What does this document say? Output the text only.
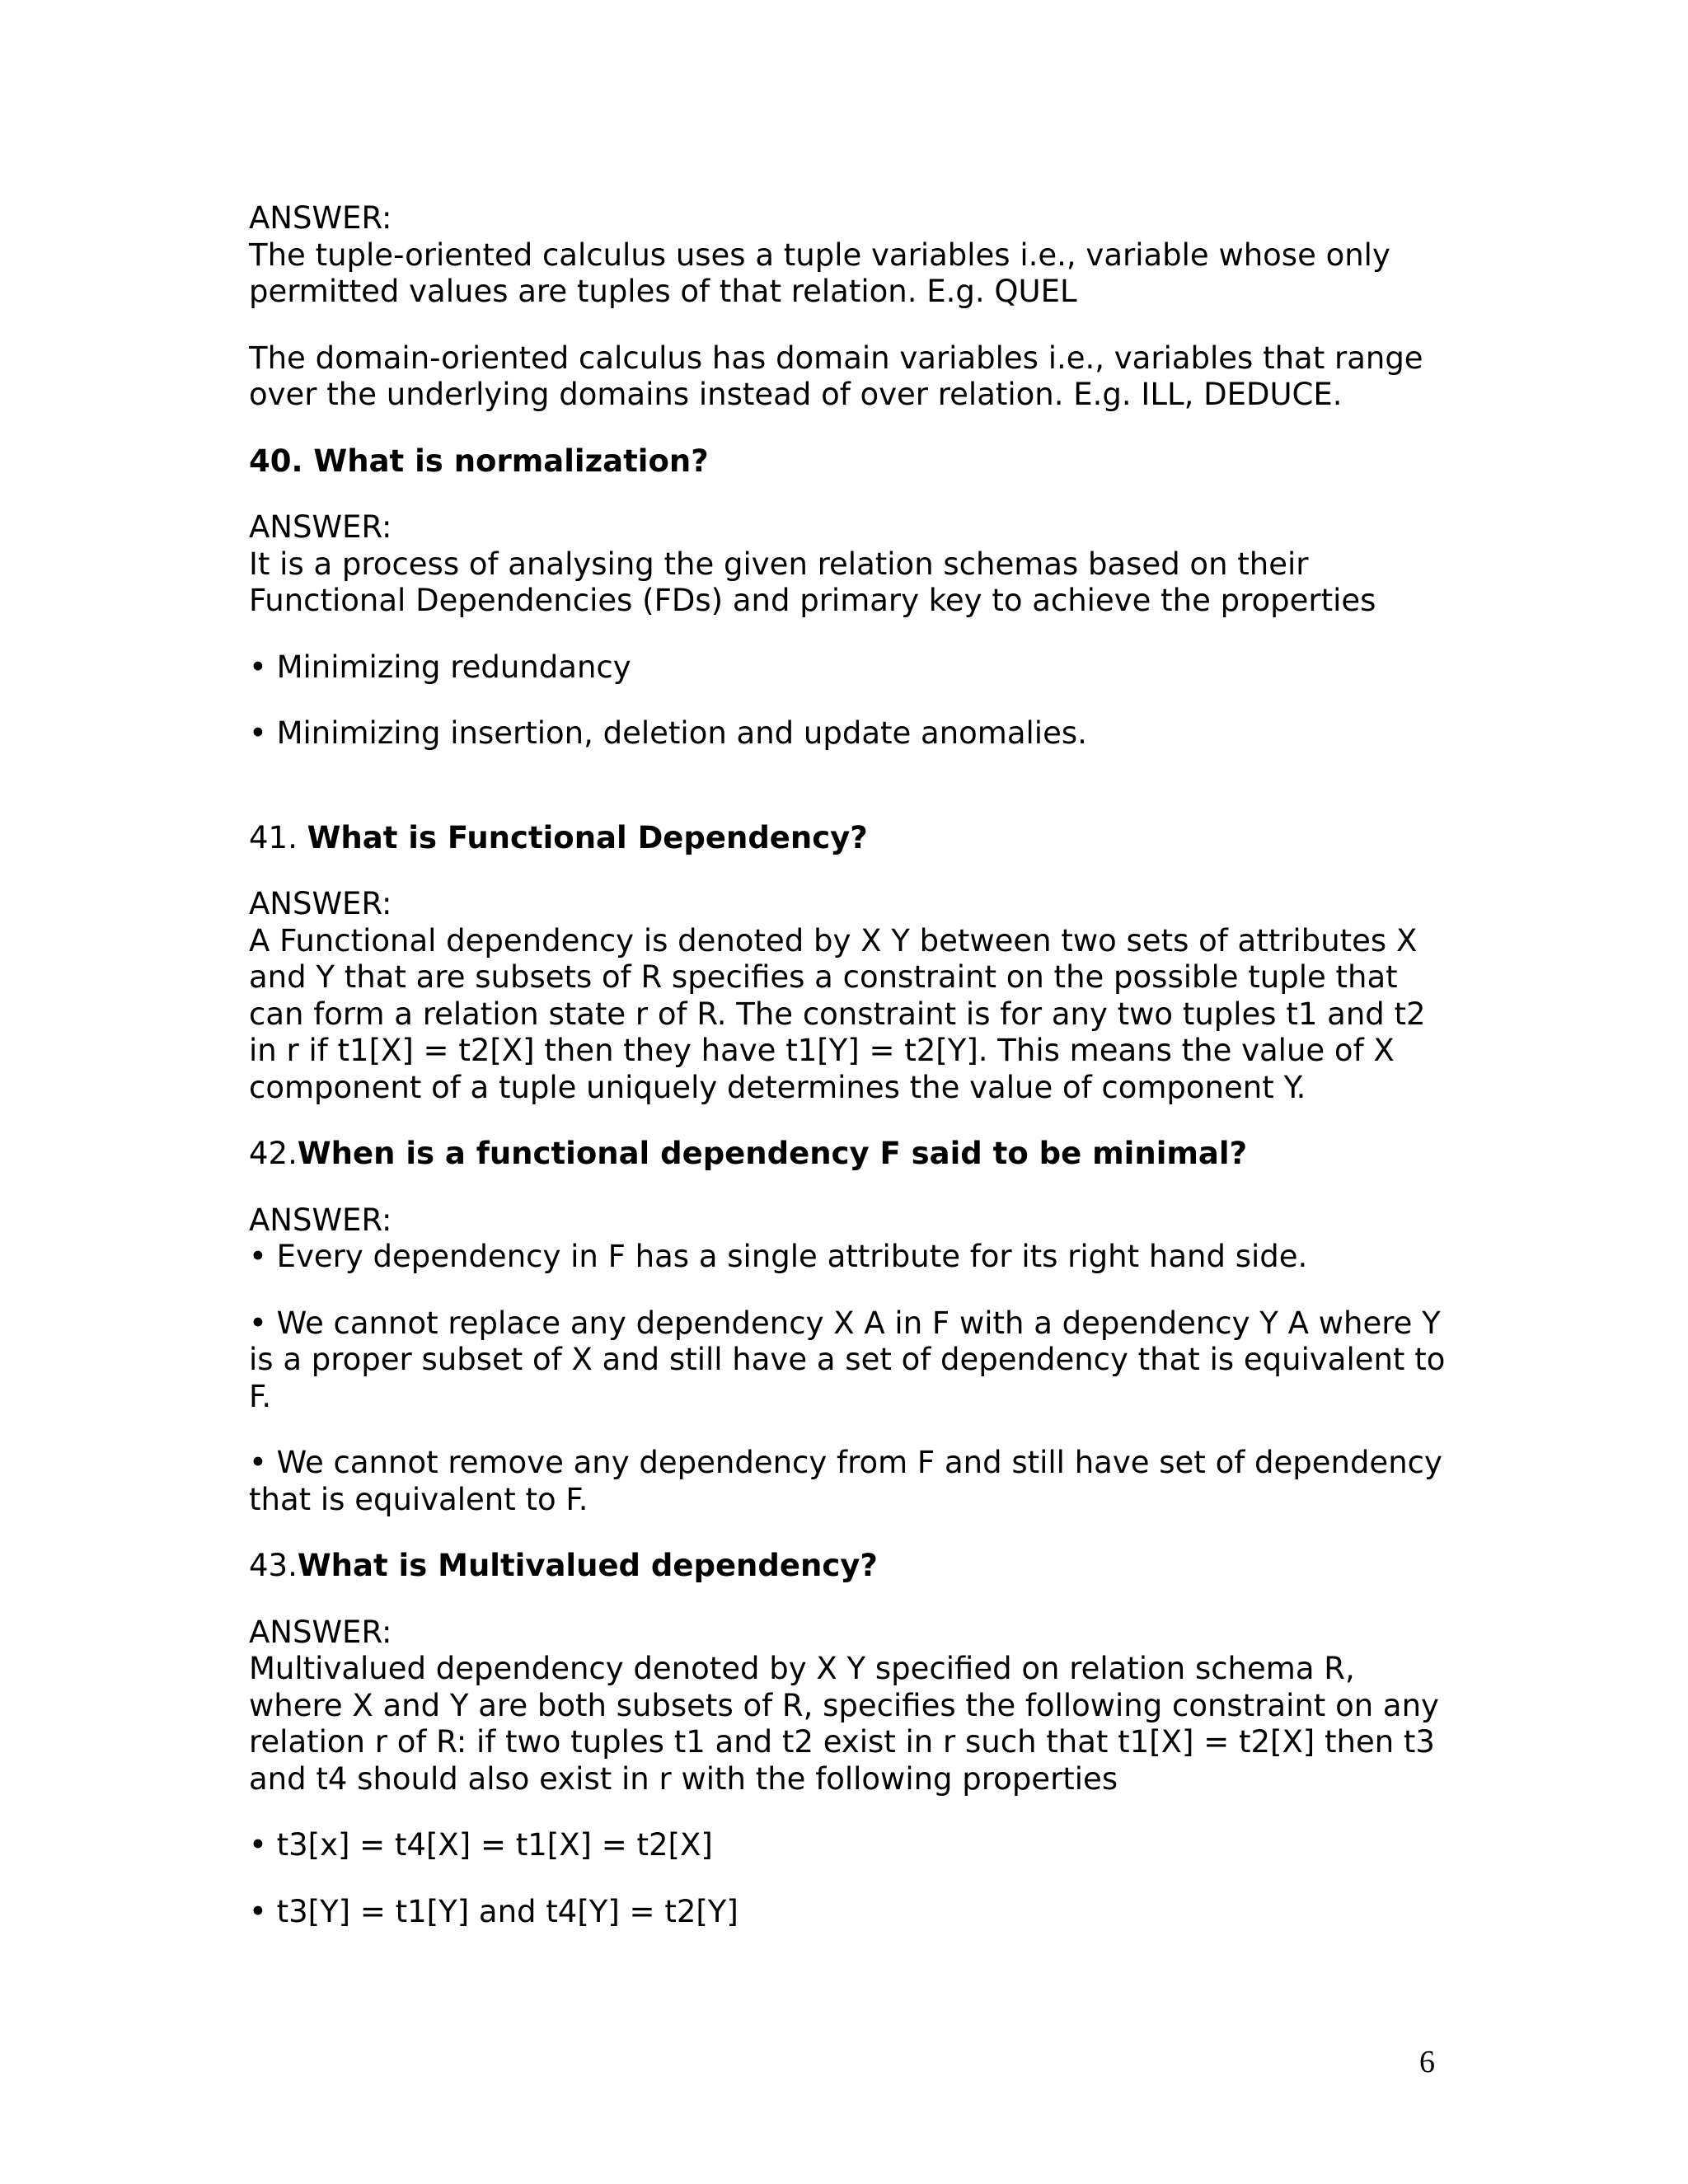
ANSWER:
The tuple-oriented calculus uses a tuple variables i.e., variable whose only permitted values are tuples of that relation. E.g. QUEL

The domain-oriented calculus has domain variables i.e., variables that range over the underlying domains instead of over relation. E.g. ILL, DEDUCE.

40. What is normalization?

ANSWER:
It is a process of analysing the given relation schemas based on their Functional Dependencies (FDs) and primary key to achieve the properties

• Minimizing redundancy

• Minimizing insertion, deletion and update anomalies.

41. What is Functional Dependency?

ANSWER:
A Functional dependency is denoted by X Y between two sets of attributes X and Y that are subsets of R specifies a constraint on the possible tuple that can form a relation state r of R. The constraint is for any two tuples t1 and t2 in r if t1[X] = t2[X] then they have t1[Y] = t2[Y]. This means the value of X component of a tuple uniquely determines the value of component Y.

42.When is a functional dependency F said to be minimal?

ANSWER:
• Every dependency in F has a single attribute for its right hand side.

• We cannot replace any dependency X A in F with a dependency Y A where Y is a proper subset of X and still have a set of dependency that is equivalent to F.

• We cannot remove any dependency from F and still have set of dependency that is equivalent to F.

43.What is Multivalued dependency?

ANSWER:
Multivalued dependency denoted by X Y specified on relation schema R, where X and Y are both subsets of R, specifies the following constraint on any relation r of R: if two tuples t1 and t2 exist in r such that t1[X] = t2[X] then t3 and t4 should also exist in r with the following properties

• t3[x] = t4[X] = t1[X] = t2[X]

• t3[Y] = t1[Y] and t4[Y] = t2[Y]

6
